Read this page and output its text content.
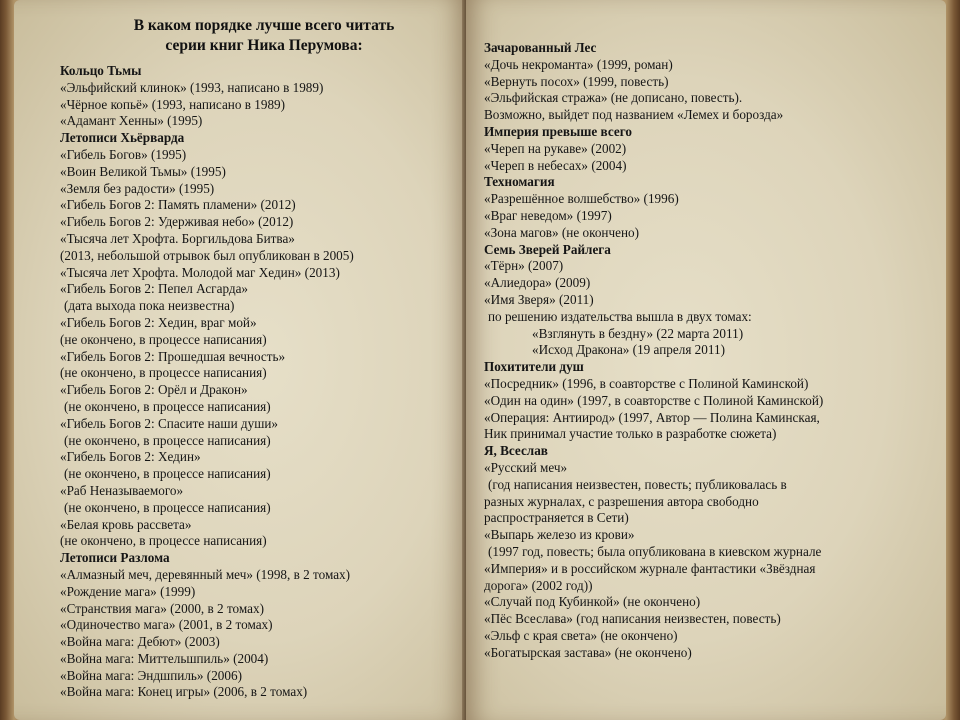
В каком порядке лучше всего читать
серии книг Ника Перумова:
Кольцо Тьмы
«Эльфийский клинок» (1993, написано в 1989)
«Чёрное копьё» (1993, написано в 1989)
«Адамант Хенны» (1995)
Летописи Хьёрварда
«Гибель Богов» (1995)
«Воин Великой Тьмы» (1995)
«Земля без радости» (1995)
«Гибель Богов 2: Память пламени» (2012)
«Гибель Богов 2: Удерживая небо» (2012)
«Тысяча лет Хрофта. Боргильдова Битва»
(2013, небольшой отрывок был опубликован в 2005)
«Тысяча лет Хрофта. Молодой маг Хедин» (2013)
«Гибель Богов 2: Пепел Асгарда»
(дата выхода пока неизвестна)
«Гибель Богов 2: Хедин, враг мой»
(не окончено, в процессе написания)
«Гибель Богов 2: Прошедшая вечность»
(не окончено, в процессе написания)
«Гибель Богов 2: Орёл и Дракон»
(не окончено, в процессе написания)
«Гибель Богов 2: Спасите наши души»
(не окончено, в процессе написания)
«Гибель Богов 2: Хедин»
(не окончено, в процессе написания)
«Раб Неназываемого»
(не окончено, в процессе написания)
«Белая кровь рассвета»
(не окончено, в процессе написания)
Летописи Разлома
«Алмазный меч, деревянный меч» (1998, в 2 томах)
«Рождение мага» (1999)
«Странствия мага» (2000, в 2 томах)
«Одиночество мага» (2001, в 2 томах)
«Война мага: Дебют» (2003)
«Война мага: Миттельшпиль» (2004)
«Война мага: Эндшпиль» (2006)
«Война мага: Конец игры» (2006, в 2 томах)
Зачарованный Лес
«Дочь некроманта» (1999, роман)
«Вернуть посох» (1999, повесть)
«Эльфийская стража» (не дописано, повесть).
Возможно, выйдет под названием «Лемех и борозда»
Империя превыше всего
«Череп на рукаве» (2002)
«Череп в небесах» (2004)
Техномагия
«Разрешённое волшебство» (1996)
«Враг неведом» (1997)
«Зона магов» (не окончено)
Семь Зверей Райлега
«Тёрн» (2007)
«Алиедора» (2009)
«Имя Зверя» (2011)
по решению издательства вышла в двух томах:
«Взглянуть в бездну» (22 марта 2011)
«Исход Дракона» (19 апреля 2011)
Похитители душ
«Посредник» (1996, в соавторстве с Полиной Каминской)
«Один на один» (1997, в соавторстве с Полиной Каминской)
«Операция: Антиирод» (1997, Автор — Полина Каминская,
Ник принимал участие только в разработке сюжета)
Я, Всеслав
«Русский меч»
(год написания неизвестен, повесть; публиковалась в
разных журналах, с разрешения автора свободно
распространяется в Сети)
«Выпарь железо из крови»
(1997 год, повесть; была опубликована в киевском журнале
«Империя» и в российском журнале фантастики «Звёздная
дорога» (2002 год))
«Случай под Кубинкой» (не окончено)
«Пёс Всеслава» (год написания неизвестен, повесть)
«Эльф с края света» (не окончено)
«Богатырская застава» (не окончено)
